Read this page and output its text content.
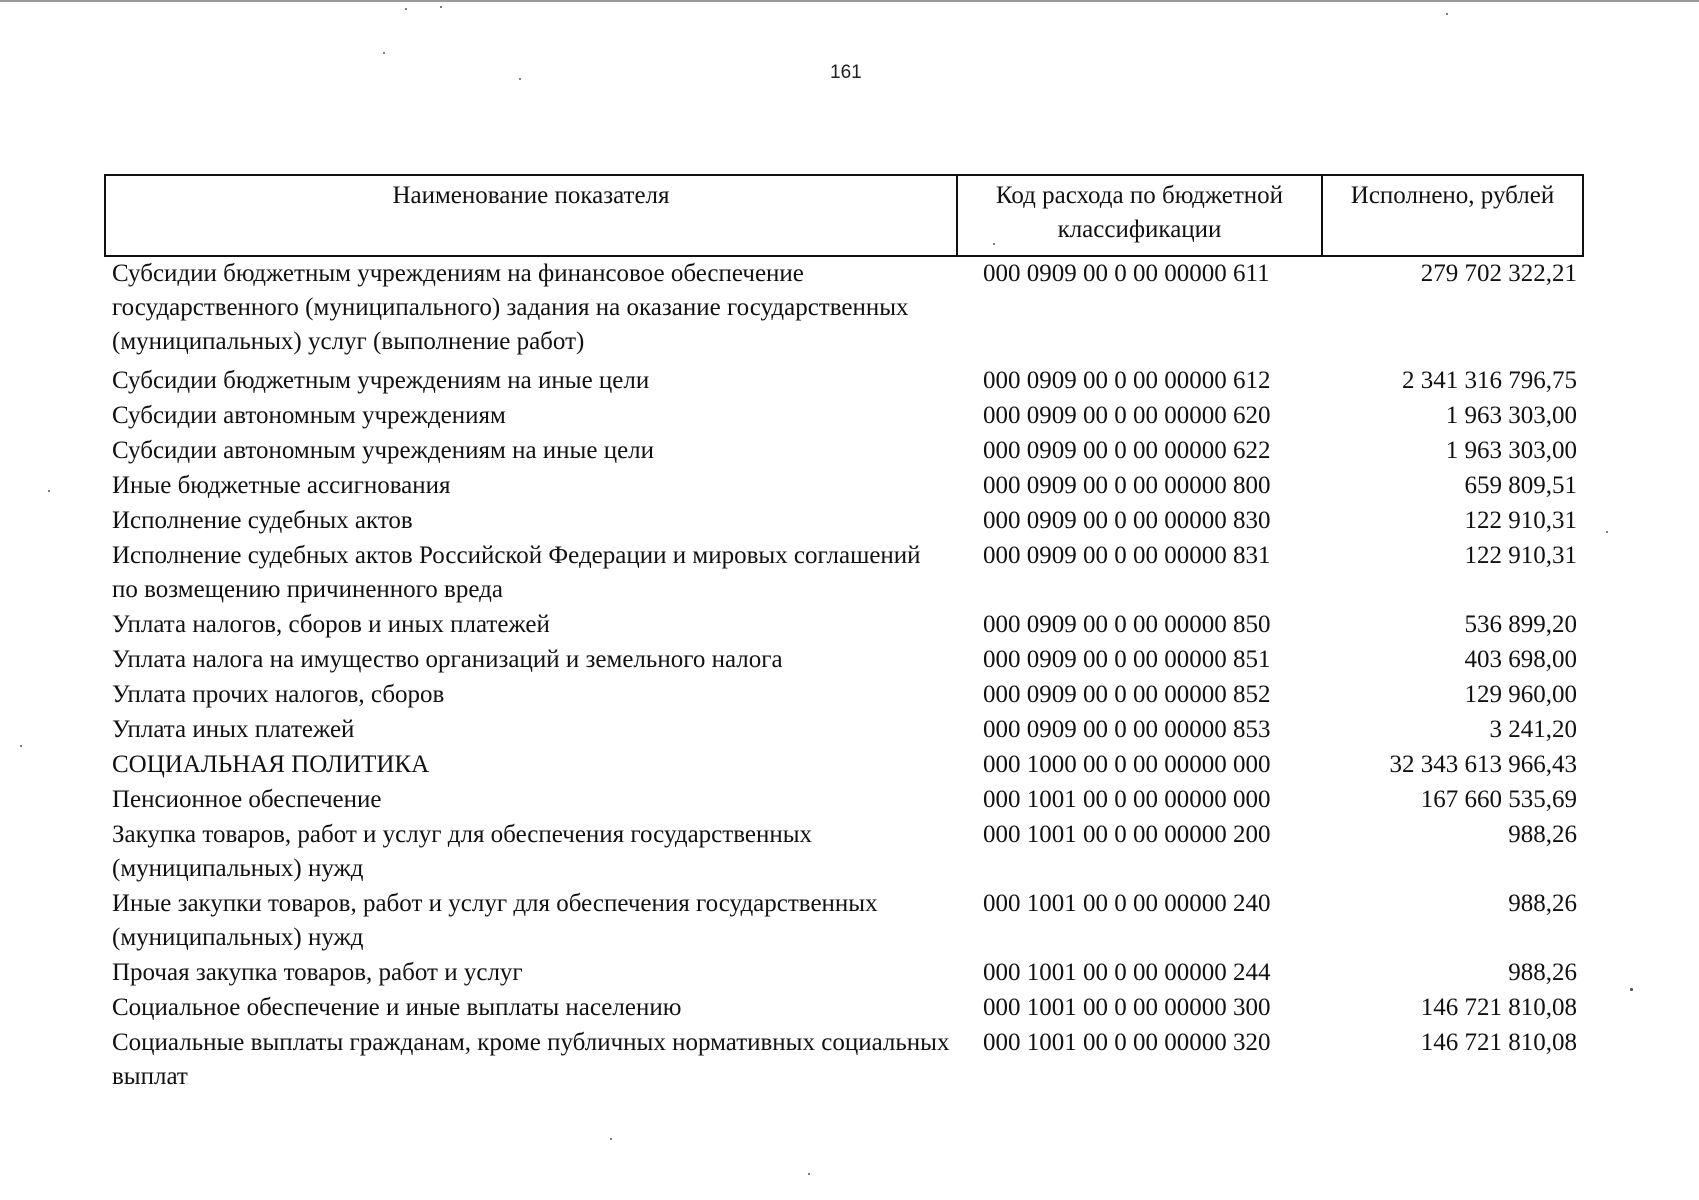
161
Наименование показателя	Код расхода по бюджетной классификации	Исполнено, рублей
Субсидии бюджетным учреждениям на финансовое обеспечение государственного (муниципального) задания на оказание государственных (муниципальных) услуг (выполнение работ)	000 0909 00 0 00 00000 611	279 702 322,21
Субсидии бюджетным учреждениям на иные цели	000 0909 00 0 00 00000 612	2 341 316 796,75
Субсидии автономным учреждениям	000 0909 00 0 00 00000 620	1 963 303,00
Субсидии автономным учреждениям на иные цели	000 0909 00 0 00 00000 622	1 963 303,00
Иные бюджетные ассигнования	000 0909 00 0 00 00000 800	659 809,51
Исполнение судебных актов	000 0909 00 0 00 00000 830	122 910,31
Исполнение судебных актов Российской Федерации и мировых соглашений по возмещению причиненного вреда	000 0909 00 0 00 00000 831	122 910,31
Уплата налогов, сборов и иных платежей	000 0909 00 0 00 00000 850	536 899,20
Уплата налога на имущество организаций и земельного налога	000 0909 00 0 00 00000 851	403 698,00
Уплата прочих налогов, сборов	000 0909 00 0 00 00000 852	129 960,00
Уплата иных платежей	000 0909 00 0 00 00000 853	3 241,20
СОЦИАЛЬНАЯ ПОЛИТИКА	000 1000 00 0 00 00000 000	32 343 613 966,43
Пенсионное обеспечение	000 1001 00 0 00 00000 000	167 660 535,69
Закупка товаров, работ и услуг для обеспечения государственных (муниципальных) нужд	000 1001 00 0 00 00000 200	988,26
Иные закупки товаров, работ и услуг для обеспечения государственных (муниципальных) нужд	000 1001 00 0 00 00000 240	988,26
Прочая закупка товаров, работ и услуг	000 1001 00 0 00 00000 244	988,26
Социальное обеспечение и иные выплаты населению	000 1001 00 0 00 00000 300	146 721 810,08
Социальные выплаты гражданам, кроме публичных нормативных социальных выплат	000 1001 00 0 00 00000 320	146 721 810,08
